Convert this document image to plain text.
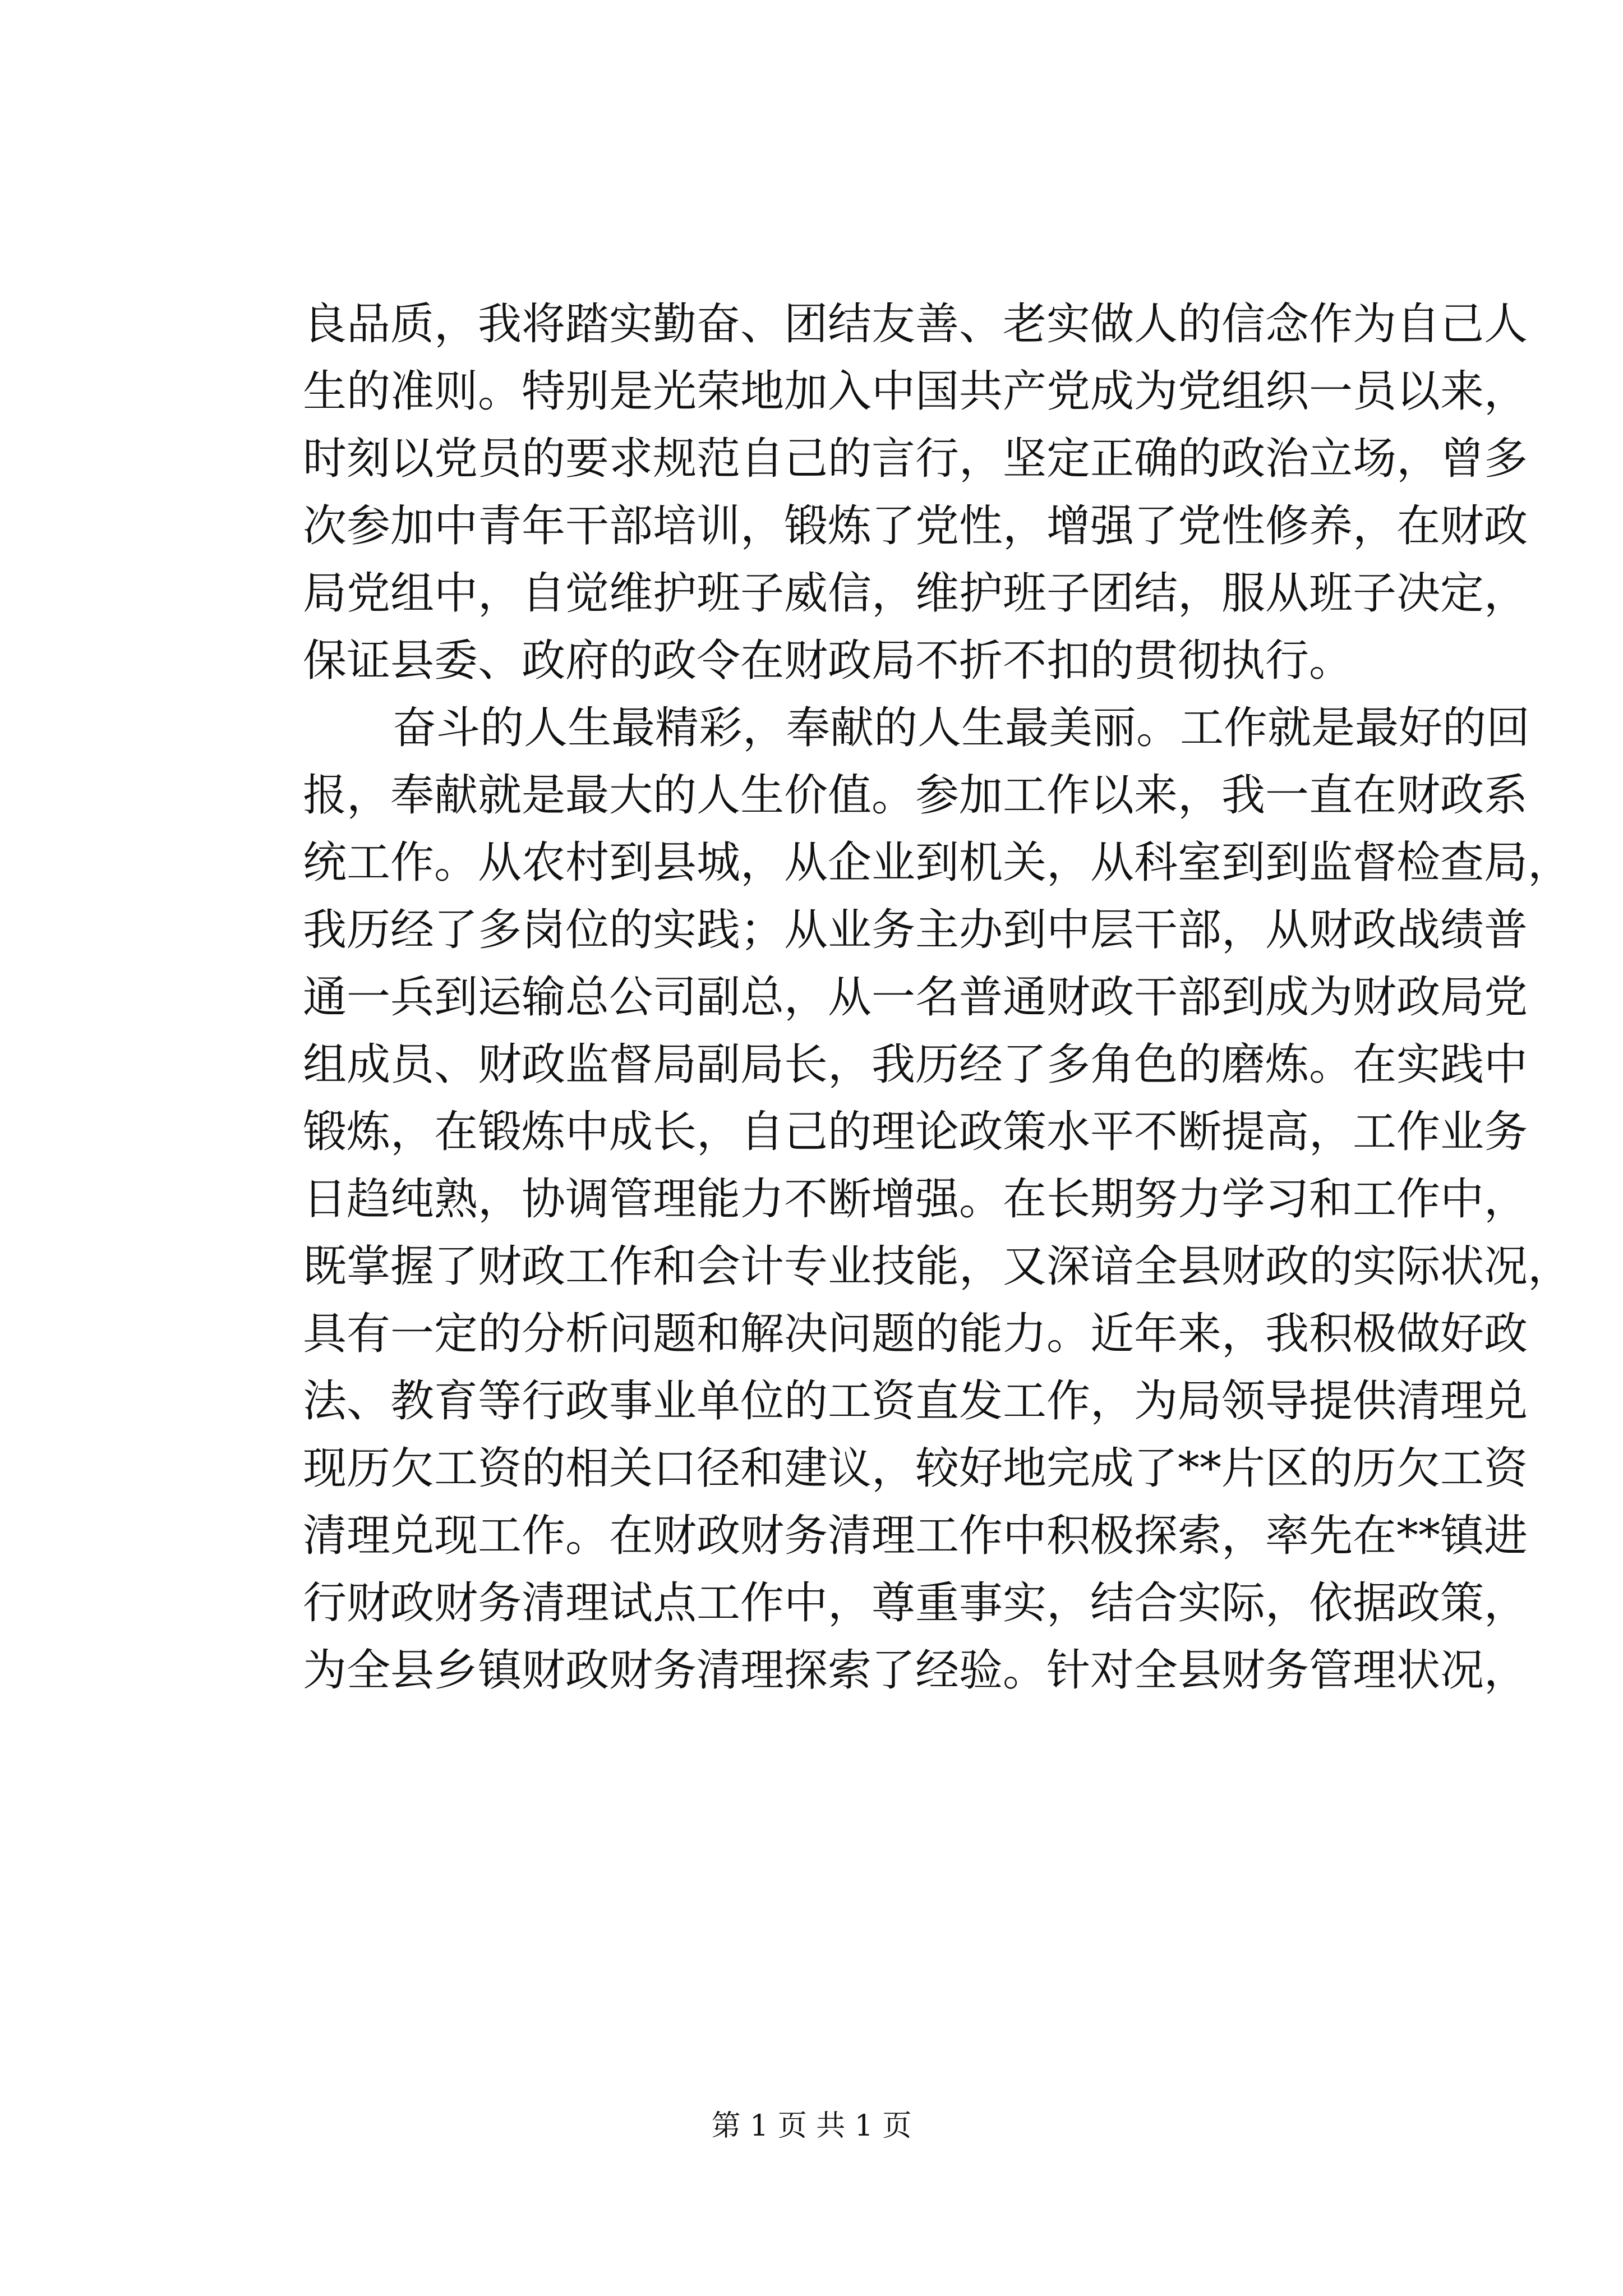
良品质，我将踏实勤奋、团结友善、老实做人的信念作为自己人
生的准则。特别是光荣地加入中国共产党成为党组织一员以来，
时刻以党员的要求规范自己的言行，坚定正确的政治立场，曾多
次参加中青年干部培训，锻炼了党性，增强了党性修养，在财政
局党组中，自觉维护班子威信，维护班子团结，服从班子决定，
保证县委、政府的政令在财政局不折不扣的贯彻执行。
奋斗的人生最精彩，奉献的人生最美丽。工作就是最好的回
报，奉献就是最大的人生价值。参加工作以来，我一直在财政系
统工作。从农村到县城，从企业到机关，从科室到到监督检查局，
我历经了多岗位的实践；从业务主办到中层干部，从财政战绩普
通一兵到运输总公司副总，从一名普通财政干部到成为财政局党
组成员、财政监督局副局长，我历经了多角色的磨炼。在实践中
锻炼，在锻炼中成长，自己的理论政策水平不断提高，工作业务
日趋纯熟，协调管理能力不断增强。在长期努力学习和工作中，
既掌握了财政工作和会计专业技能，又深谙全县财政的实际状况，
具有一定的分析问题和解决问题的能力。近年来，我积极做好政
法、教育等行政事业单位的工资直发工作，为局领导提供清理兑
现历欠工资的相关口径和建议，较好地完成了**片区的历欠工资
清理兑现工作。在财政财务清理工作中积极探索，率先在**镇进
行财政财务清理试点工作中，尊重事实，结合实际，依据政策，
为全县乡镇财政财务清理探索了经验。针对全县财务管理状况，
第 1 页 共 1 页
